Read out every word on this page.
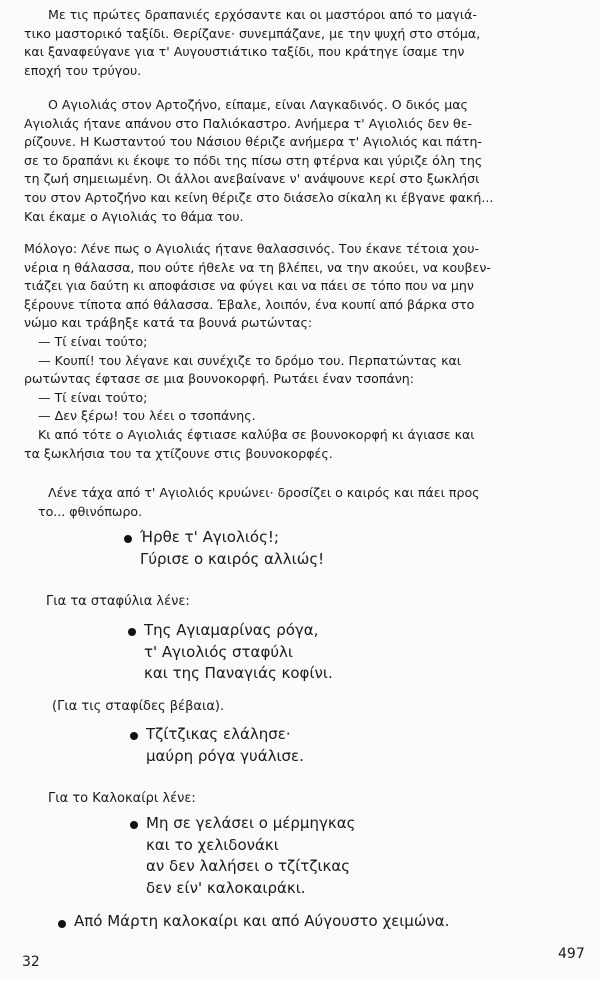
Με τις πρώτες δραπανιές ερχόσαντε και οι μαστόροι από το μαγιά-
τικο μαστορικό ταξίδι. Θερίζανε· συνεμπάζανε, με την ψυχή στο στόμα,
και ξαναφεύγανε για τ' Αυγουστιάτικο ταξίδι, που κράτηγε ίσαμε την
εποχή του τρύγου.
Ο Αγιολιάς στον Αρτοζήνο, είπαμε, είναι Λαγκαδινός. Ο δικός μας
Αγιολιάς ήτανε απάνου στο Παλιόκαστρο. Ανήμερα τ' Αγιολιός δεν θε-
ρίζουνε. Η Κωσταντού του Νάσιου θέριζε ανήμερα τ' Αγιολιός και πάτη-
σε το δραπάνι κι έκοψε το πόδι της πίσω στη φτέρνα και γύριζε όλη της
τη ζωή σημειωμένη. Οι άλλοι ανεβαίνανε ν' ανάψουνε κερί στο ξωκλήσι
του στον Αρτοζήνο και κείνη θέριζε στο διάσελο σίκαλη κι έβγανε φακή...
Και έκαμε ο Αγιολιάς το θάμα του.
Μόλογο: Λένε πως ο Αγιολιάς ήτανε θαλασσινός. Του έκανε τέτοια χου-
νέρια η θάλασσα, που ούτε ήθελε να τη βλέπει, να την ακούει, να κουβεν-
τιάζει για δαύτη κι αποφάσισε να φύγει και να πάει σε τόπο που να μην
ξέρουνε τίποτα από θάλασσα. Έβαλε, λοιπόν, ένα κουπί από βάρκα στο
νώμο και τράβηξε κατά τα βουνά ρωτώντας:
— Τί είναι τούτο;
— Κουπί! του λέγανε και συνέχιζε το δρόμο του. Περπατώντας και
ρωτώντας έφτασε σε μια βουνοκορφή. Ρωτάει έναν τσοπάνη:
— Τί είναι τούτο;
— Δεν ξέρω! του λέει ο τσοπάνης.
Κι από τότε ο Αγιολιάς έφτιασε καλύβα σε βουνοκορφή κι άγιασε και
τα ξωκλήσια του τα χτίζουνε στις βουνοκορφές.
Λένε τάχα από τ' Αγιολιός κρυώνει· δροσίζει ο καιρός και πάει προς
το... φθινόπωρο.
Ήρθε τ' Αγιολιός!;
Γύρισε ο καιρός αλλιώς!
Για τα σταφύλια λένε:
Της Αγιαμαρίνας ρόγα,
τ' Αγιολιός σταφύλι
και της Παναγιάς κοφίνι.
(Για τις σταφίδες βέβαια).
Τζίτζικας ελάλησε·
μαύρη ρόγα γυάλισε.
Για το Καλοκαίρι λένε:
Μη σε γελάσει ο μέρμηγκας
και το χελιδονάκι
αν δεν λαλήσει ο τζίτζικας
δεν είν' καλοκαιράκι.
Από Μάρτη καλοκαίρι και από Αύγουστο χειμώνα.
32	497
